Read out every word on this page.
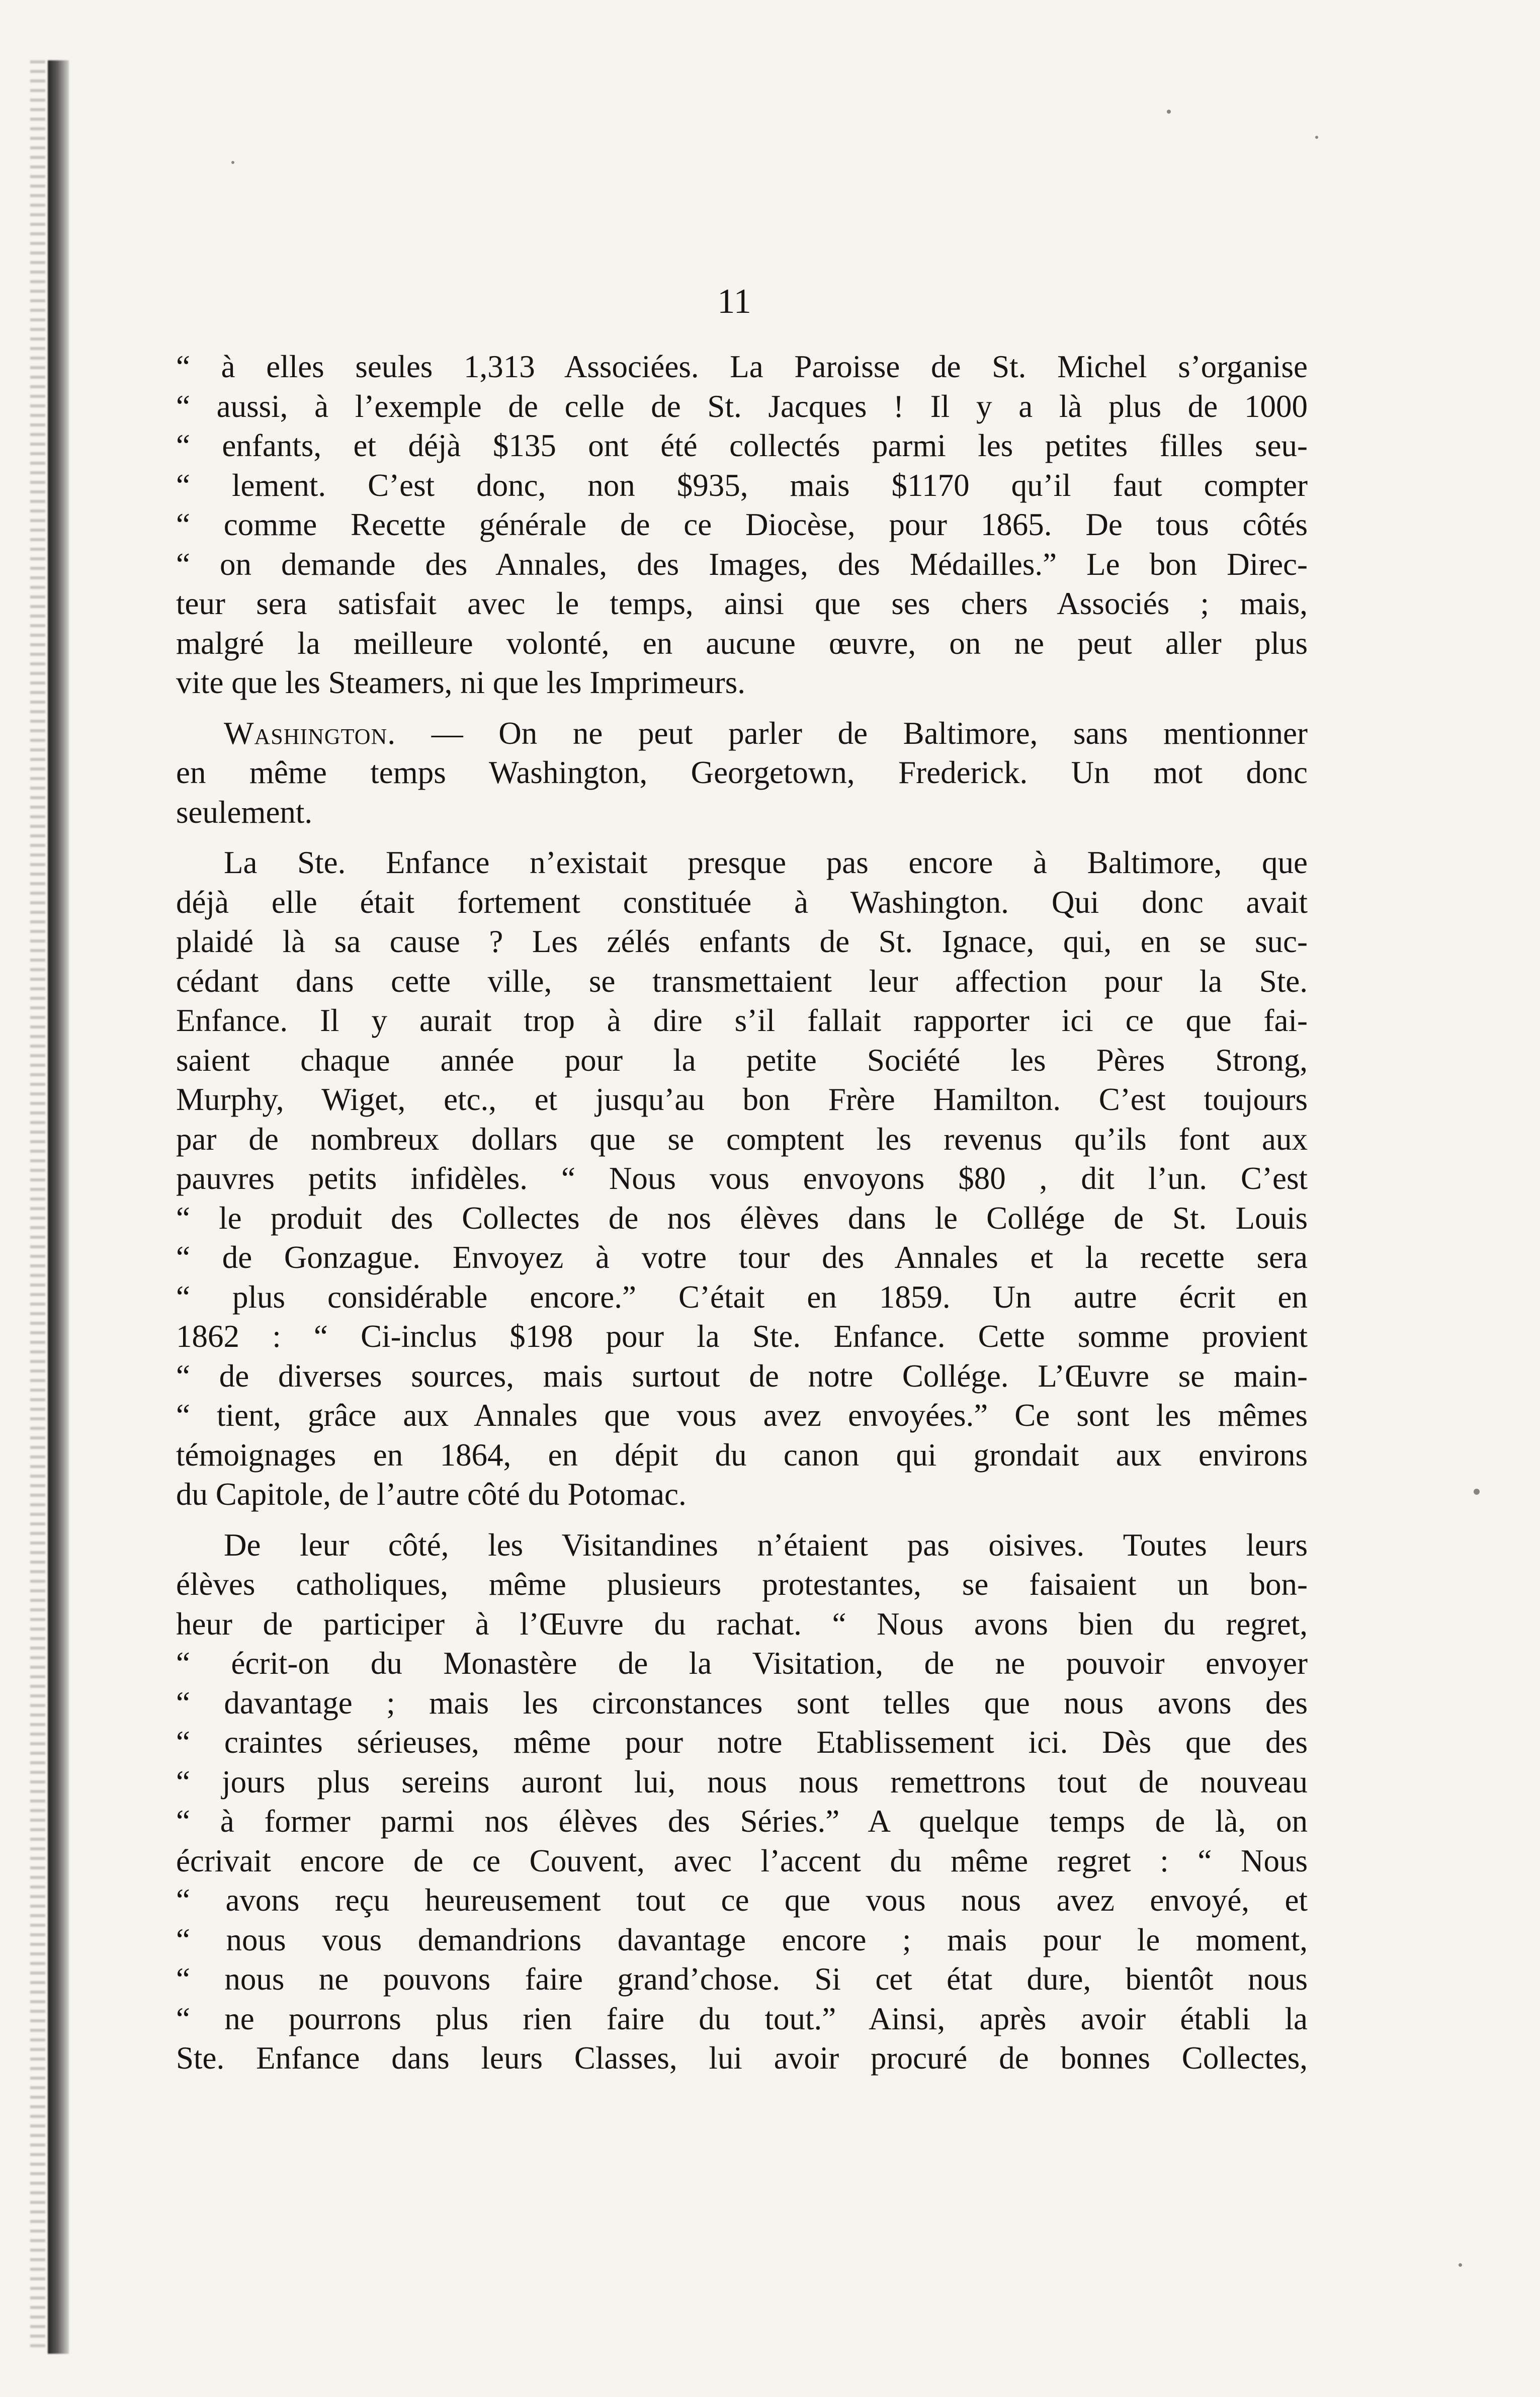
11
“ à elles seules 1,313 Associées. La Paroisse de St. Michel s’organise
“ aussi, à l’exemple de celle de St. Jacques ! Il y a là plus de 1000
“ enfants, et déjà $135 ont été collectés parmi les petites filles seu-
“ lement. C’est donc, non $935, mais $1170 qu’il faut compter
“ comme Recette générale de ce Diocèse, pour 1865. De tous côtés
“ on demande des Annales, des Images, des Médailles.” Le bon Direc-
teur sera satisfait avec le temps, ainsi que ses chers Associés ; mais,
malgré la meilleure volonté, en aucune œuvre, on ne peut aller plus
vite que les Steamers, ni que les Imprimeurs.
Washington. — On ne peut parler de Baltimore, sans mentionner
en même temps Washington, Georgetown, Frederick. Un mot donc
seulement.
La Ste. Enfance n’existait presque pas encore à Baltimore, que
déjà elle était fortement constituée à Washington. Qui donc avait
plaidé là sa cause ? Les zélés enfants de St. Ignace, qui, en se suc-
cédant dans cette ville, se transmettaient leur affection pour la Ste.
Enfance. Il y aurait trop à dire s’il fallait rapporter ici ce que fai-
saient chaque année pour la petite Société les Pères Strong,
Murphy, Wiget, etc., et jusqu’au bon Frère Hamilton. C’est toujours
par de nombreux dollars que se comptent les revenus qu’ils font aux
pauvres petits infidèles. “ Nous vous envoyons $80 , dit l’un. C’est
“ le produit des Collectes de nos élèves dans le Collége de St. Louis
“ de Gonzague. Envoyez à votre tour des Annales et la recette sera
“ plus considérable encore.” C’était en 1859. Un autre écrit en
1862 : “ Ci-inclus $198 pour la Ste. Enfance. Cette somme provient
“ de diverses sources, mais surtout de notre Collége. L’Œuvre se main-
“ tient, grâce aux Annales que vous avez envoyées.” Ce sont les mêmes
témoignages en 1864, en dépit du canon qui grondait aux environs
du Capitole, de l’autre côté du Potomac.
De leur côté, les Visitandines n’étaient pas oisives. Toutes leurs
élèves catholiques, même plusieurs protestantes, se faisaient un bon-
heur de participer à l’Œuvre du rachat. “ Nous avons bien du regret,
“ écrit-on du Monastère de la Visitation, de ne pouvoir envoyer
“ davantage ; mais les circonstances sont telles que nous avons des
“ craintes sérieuses, même pour notre Etablissement ici. Dès que des
“ jours plus sereins auront lui, nous nous remettrons tout de nouveau
“ à former parmi nos élèves des Séries.” A quelque temps de là, on
écrivait encore de ce Couvent, avec l’accent du même regret : “ Nous
“ avons reçu heureusement tout ce que vous nous avez envoyé, et
“ nous vous demandrions davantage encore ; mais pour le moment,
“ nous ne pouvons faire grand’chose. Si cet état dure, bientôt nous
“ ne pourrons plus rien faire du tout.” Ainsi, après avoir établi la
Ste. Enfance dans leurs Classes, lui avoir procuré de bonnes Collectes,
